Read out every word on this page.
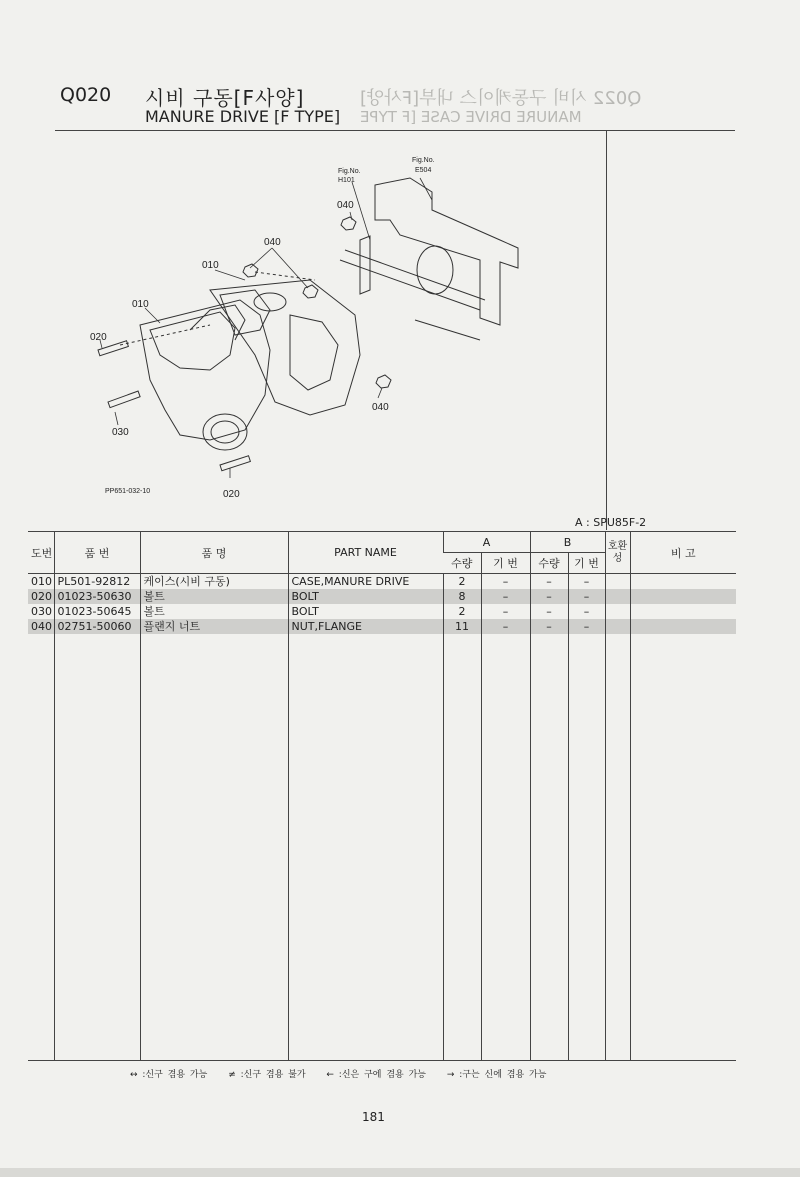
Q020 시비 구동[F사양]
MANURE DRIVE [F TYPE]
Q022 시비 구동케이스 내부[F사양]
MANURE DRIVE CASE [F TYPE
Fig.No.
H101
Fig.No.
E504
040
040
010
010
020
030
040
020
PP651-032-10
A : SPU85F-2
도번	품 번	품 명	PART NAME	A		B		호환성	비 고
				수량	기 번	수량	기 번		
010	PL501-92812	케이스(시비 구동)	CASE,MANURE DRIVE	2	–	–	–		
020	01023-50630	볼트	BOLT	8	–	–	–		
030	01023-50645	볼트	BOLT	2	–	–	–		
040	02751-50060	플랜지 너트	NUT,FLANGE	11	–	–	–		

↔ :신구 겸용 가능 ≠ :신구 겸용 불가 ← :신은 구에 겸용 가능 → :구는 신에 겸용 가능
181
